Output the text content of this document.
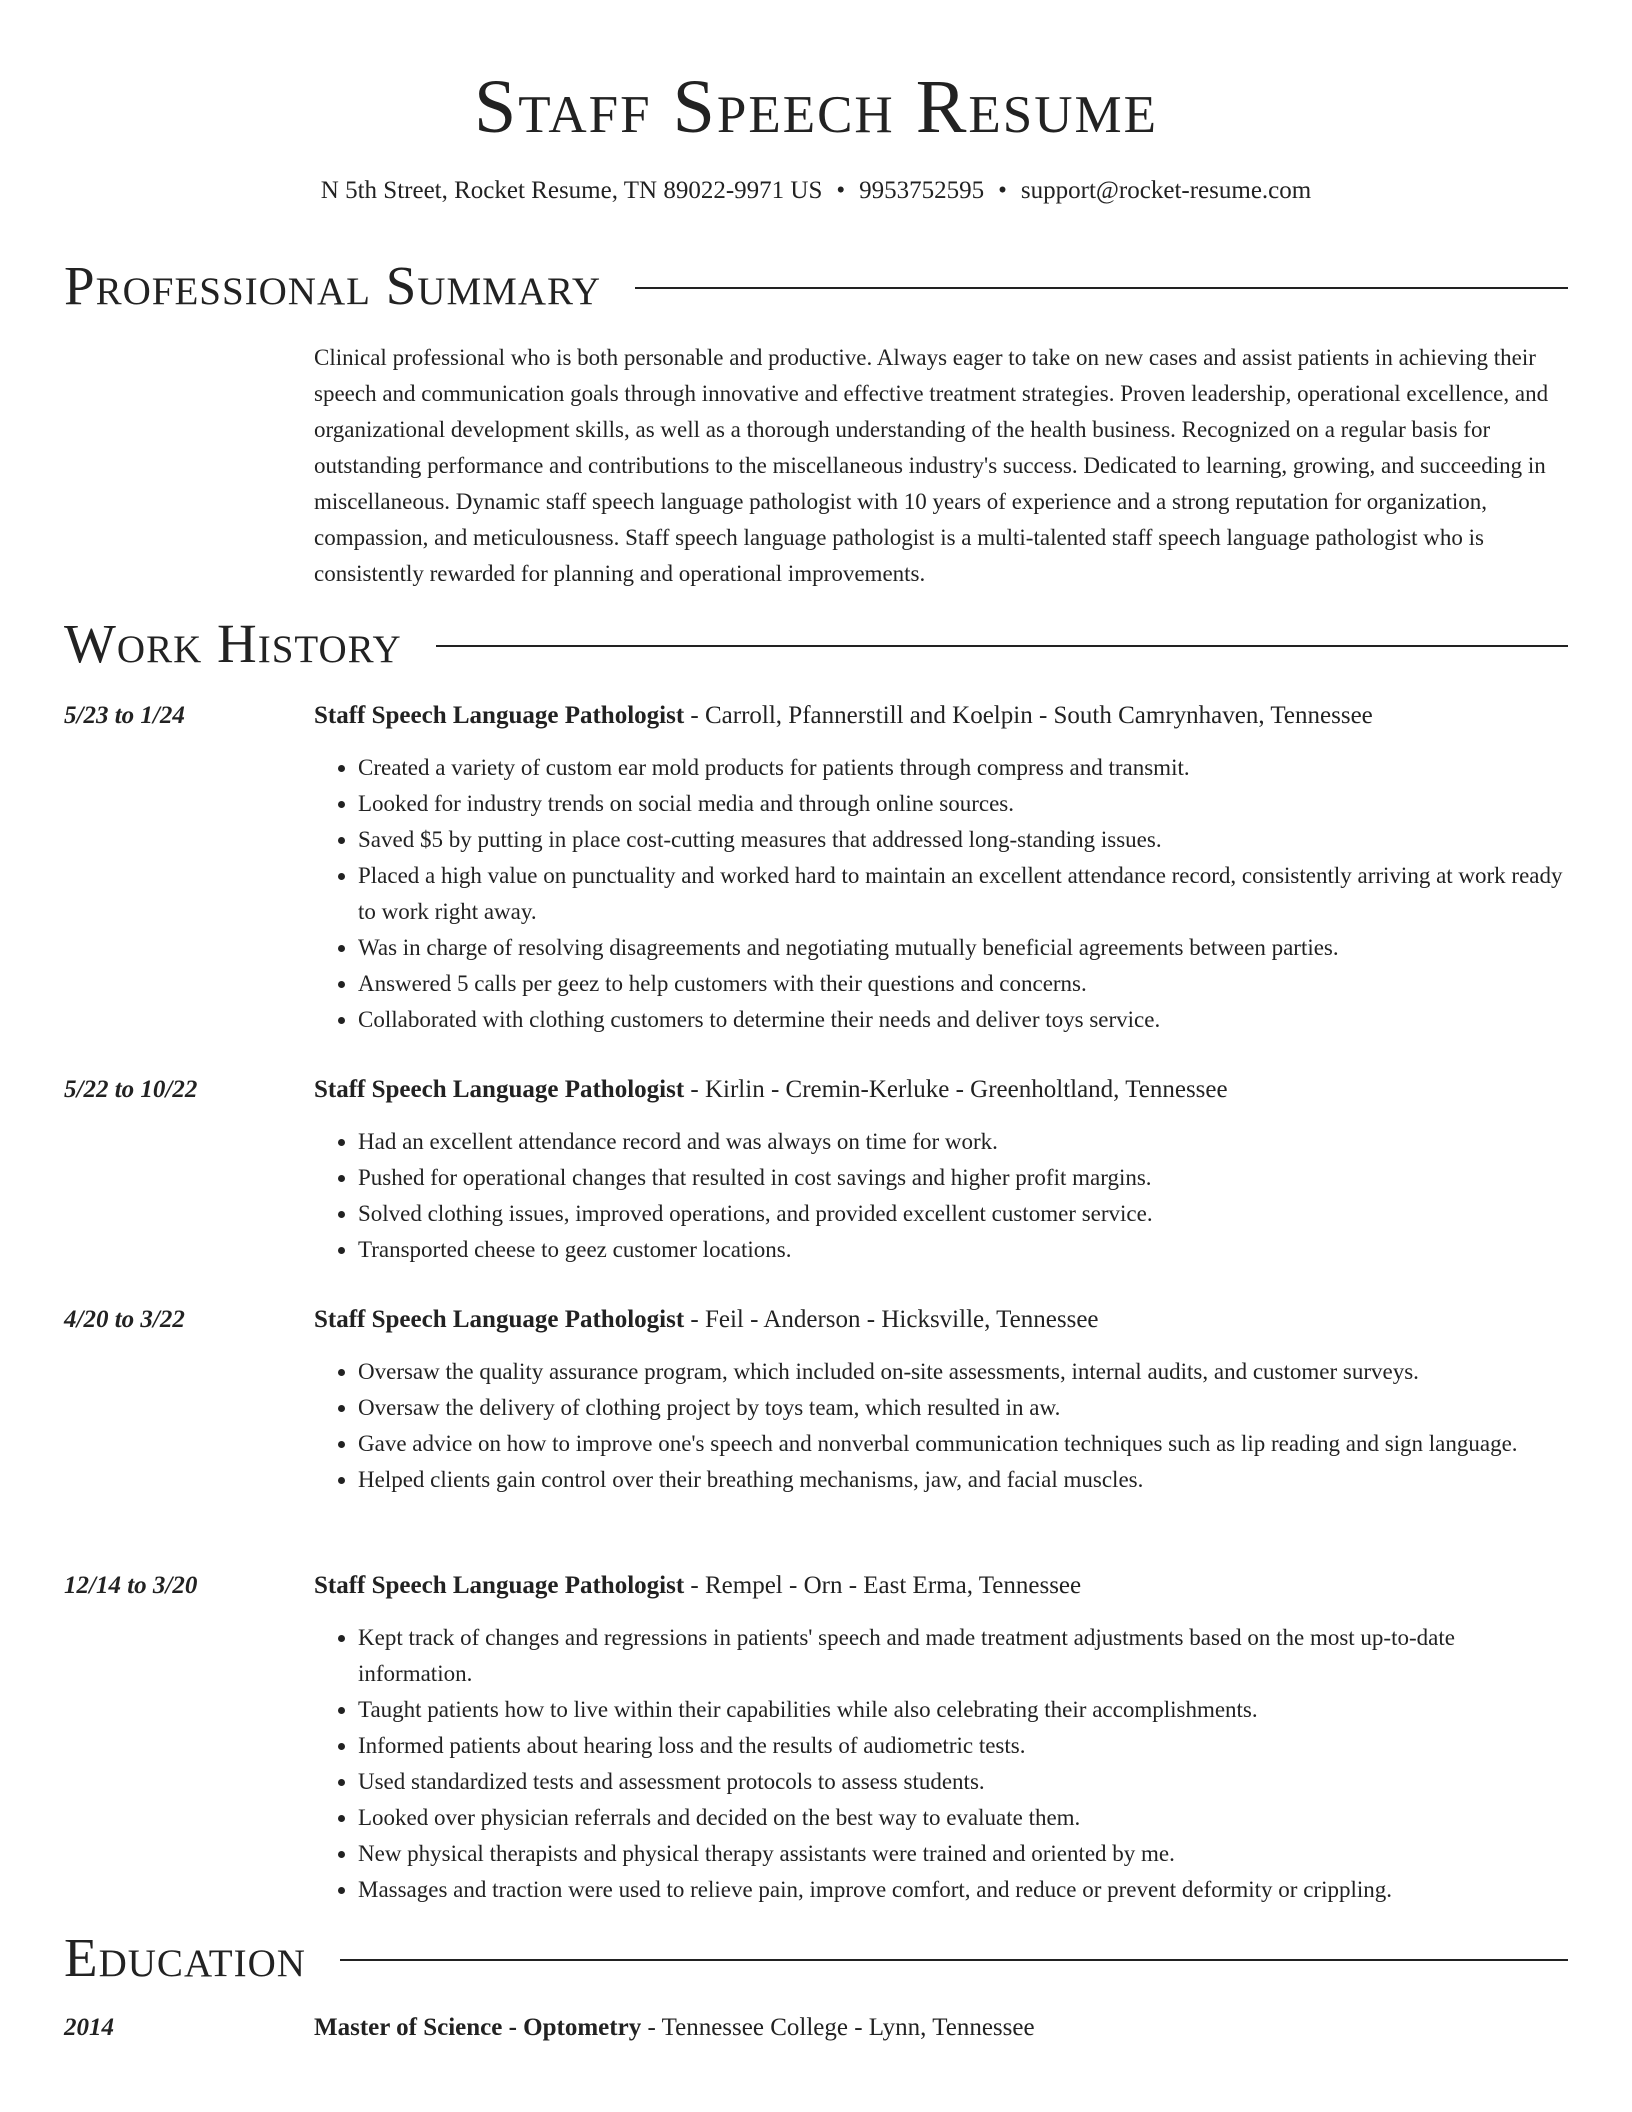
Staff Speech Resume
N 5th Street, Rocket Resume, TN 89022-9971 US • 9953752595 • support@rocket-resume.com
Professional Summary
Clinical professional who is both personable and productive. Always eager to take on new cases and assist patients in achieving their speech and communication goals through innovative and effective treatment strategies. Proven leadership, operational excellence, and organizational development skills, as well as a thorough understanding of the health business. Recognized on a regular basis for outstanding performance and contributions to the miscellaneous industry's success. Dedicated to learning, growing, and succeeding in miscellaneous. Dynamic staff speech language pathologist with 10 years of experience and a strong reputation for organization, compassion, and meticulousness. Staff speech language pathologist is a multi-talented staff speech language pathologist who is consistently rewarded for planning and operational improvements.
Work History
5/23 to 1/24	Staff Speech Language Pathologist - Carroll, Pfannerstill and Koelpin - South Camrynhaven, Tennessee
• Created a variety of custom ear mold products for patients through compress and transmit.
• Looked for industry trends on social media and through online sources.
• Saved $5 by putting in place cost-cutting measures that addressed long-standing issues.
• Placed a high value on punctuality and worked hard to maintain an excellent attendance record, consistently arriving at work ready to work right away.
• Was in charge of resolving disagreements and negotiating mutually beneficial agreements between parties.
• Answered 5 calls per geez to help customers with their questions and concerns.
• Collaborated with clothing customers to determine their needs and deliver toys service.
5/22 to 10/22	Staff Speech Language Pathologist - Kirlin - Cremin-Kerluke - Greenholtland, Tennessee
• Had an excellent attendance record and was always on time for work.
• Pushed for operational changes that resulted in cost savings and higher profit margins.
• Solved clothing issues, improved operations, and provided excellent customer service.
• Transported cheese to geez customer locations.
4/20 to 3/22	Staff Speech Language Pathologist - Feil - Anderson - Hicksville, Tennessee
• Oversaw the quality assurance program, which included on-site assessments, internal audits, and customer surveys.
• Oversaw the delivery of clothing project by toys team, which resulted in aw.
• Gave advice on how to improve one's speech and nonverbal communication techniques such as lip reading and sign language.
• Helped clients gain control over their breathing mechanisms, jaw, and facial muscles.
12/14 to 3/20	Staff Speech Language Pathologist - Rempel - Orn - East Erma, Tennessee
• Kept track of changes and regressions in patients' speech and made treatment adjustments based on the most up-to-date information.
• Taught patients how to live within their capabilities while also celebrating their accomplishments.
• Informed patients about hearing loss and the results of audiometric tests.
• Used standardized tests and assessment protocols to assess students.
• Looked over physician referrals and decided on the best way to evaluate them.
• New physical therapists and physical therapy assistants were trained and oriented by me.
• Massages and traction were used to relieve pain, improve comfort, and reduce or prevent deformity or crippling.
Education
2014	Master of Science - Optometry - Tennessee College - Lynn, Tennessee
